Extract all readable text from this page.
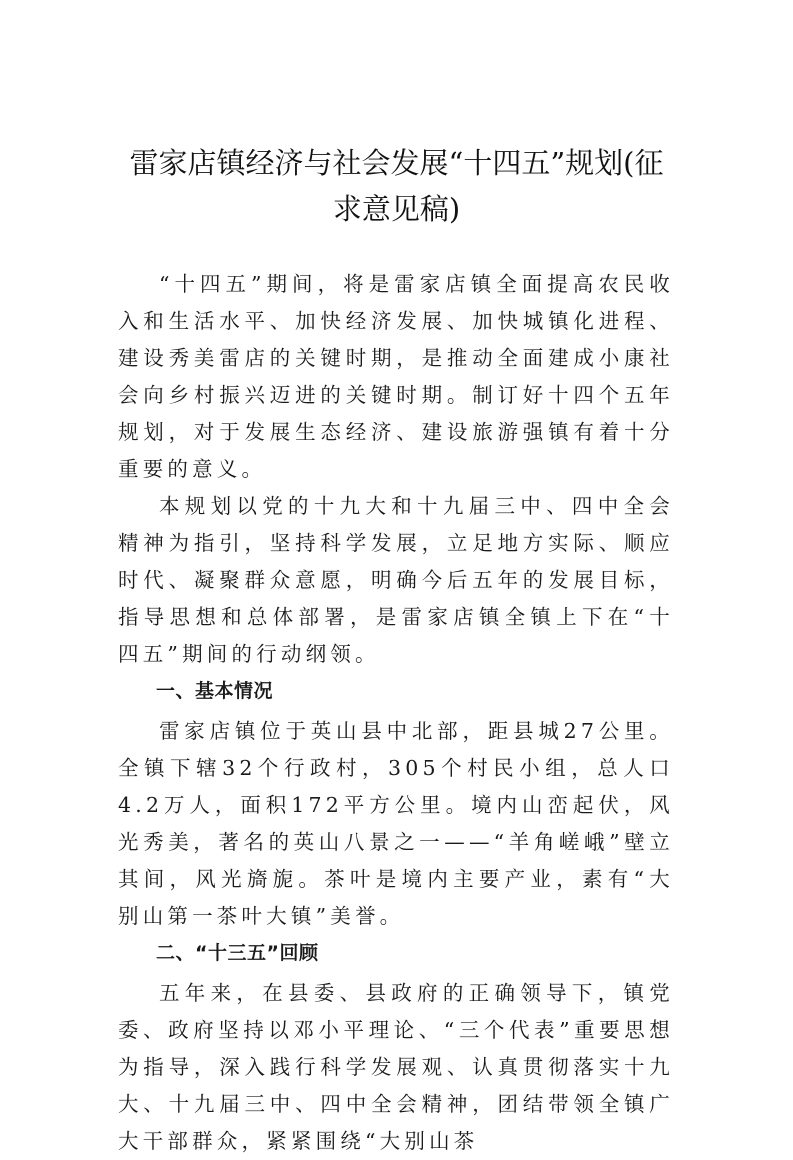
雷家店镇经济与社会发展“十四五”规划(征
求意见稿)

“十四五”期间，将是雷家店镇全面提高农民收入和生活水平、加快经济发展、加快城镇化进程、建设秀美雷店的关键时期，是推动全面建成小康社会向乡村振兴迈进的关键时期。制订好十四个五年规划，对于发展生态经济、建设旅游强镇有着十分重要的意义。

本规划以党的十九大和十九届三中、四中全会精神为指引，坚持科学发展，立足地方实际、顺应时代、凝聚群众意愿，明确今后五年的发展目标，指导思想和总体部署，是雷家店镇全镇上下在“十四五”期间的行动纲领。

一、基本情况

雷家店镇位于英山县中北部，距县城27公里。全镇下辖32个行政村，305个村民小组，总人口4.2万人，面积172平方公里。境内山峦起伏，风光秀美，著名的英山八景之一——“羊角嵯峨”壁立其间，风光旖旎。茶叶是境内主要产业，素有“大别山第一茶叶大镇”美誉。

二、“十三五”回顾

五年来，在县委、县政府的正确领导下，镇党委、政府坚持以邓小平理论、“三个代表”重要思想为指导，深入践行科学发展观、认真贯彻落实十九大、十九届三中、四中全会精神，团结带领全镇广大干部群众，紧紧围绕“大别山茶
